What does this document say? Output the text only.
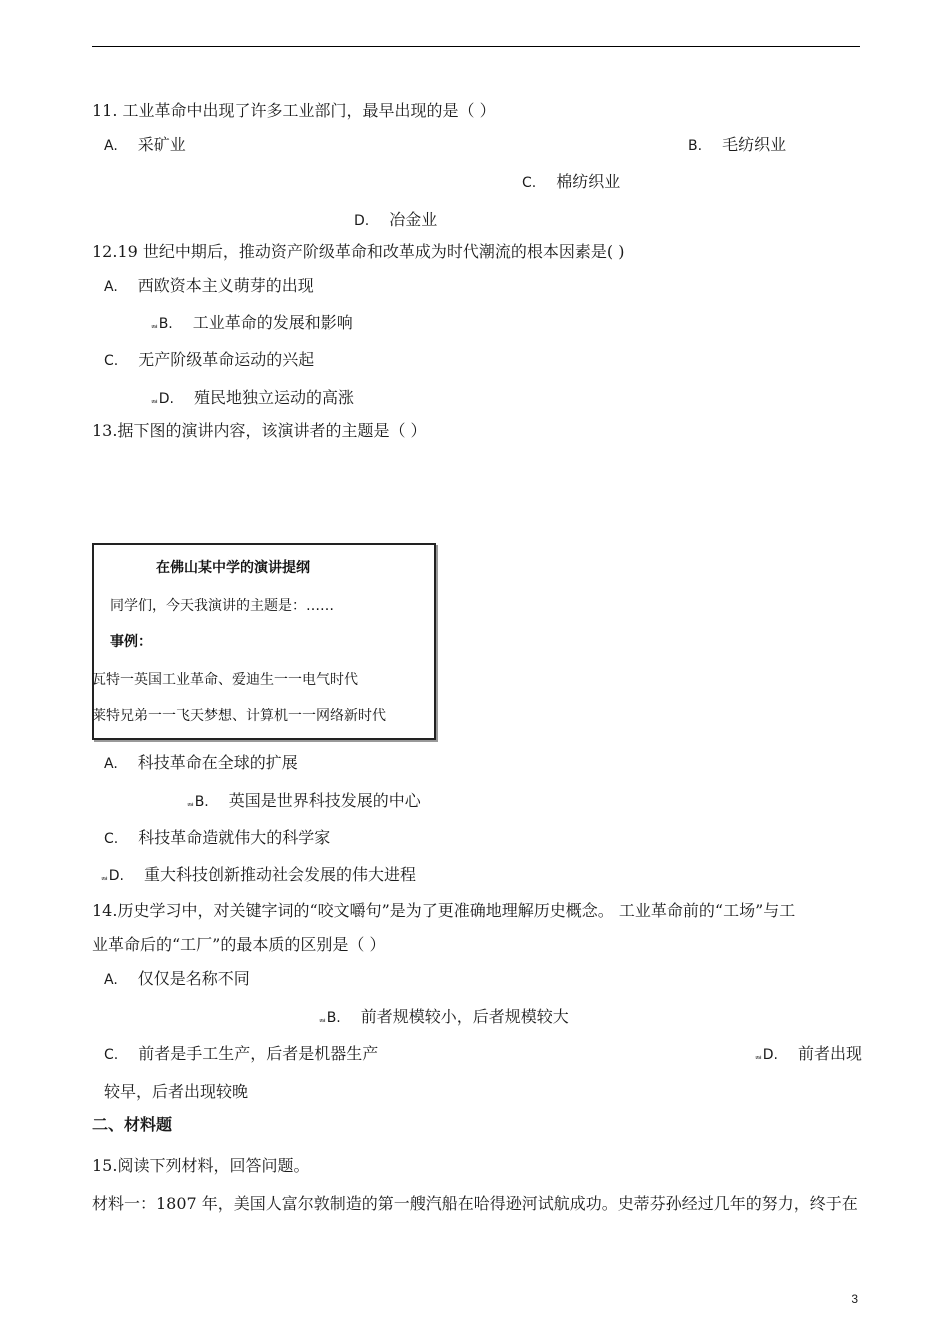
11. 工业革命中出现了许多工业部门，最早出现的是（ ）
A. 采矿业	B. 毛纺织业
C. 棉纺织业
D. 冶金业
12.19 世纪中期后，推动资产阶级革命和改革成为时代潮流的根本因素是( )
A. 西欧资本主义萌芽的出现
ᆲB. 工业革命的发展和影响
C. 无产阶级革命运动的兴起
ᆲD. 殖民地独立运动的高涨
13.据下图的演讲内容，该演讲者的主题是（ ）
在佛山某中学的演讲提纲
同学们，今天我演讲的主题是：……
事例：
瓦特一英国工业革命、爱迪生一一电气时代
莱特兄弟一一飞天梦想、计算机一一网络新时代
A. 科技革命在全球的扩展
ᆲB. 英国是世界科技发展的中心
C. 科技革命造就伟大的科学家
ᆲD. 重大科技创新推动社会发展的伟大进程
14.历史学习中，对关键字词的“咬文嚼句”是为了更准确地理解历史概念。 工业革命前的“工场”与工
业革命后的“工厂”的最本质的区别是（ ）
A. 仅仅是名称不同
ᆲB. 前者规模较小，后者规模较大
C. 前者是手工生产，后者是机器生产	ᆲD. 前者出现
较早，后者出现较晚
二、材料题
15.阅读下列材料，回答问题。
材料一：1807 年，美国人富尔敦制造的第一艘汽船在哈得逊河试航成功。史蒂芬孙经过几年的努力，终于在
3
